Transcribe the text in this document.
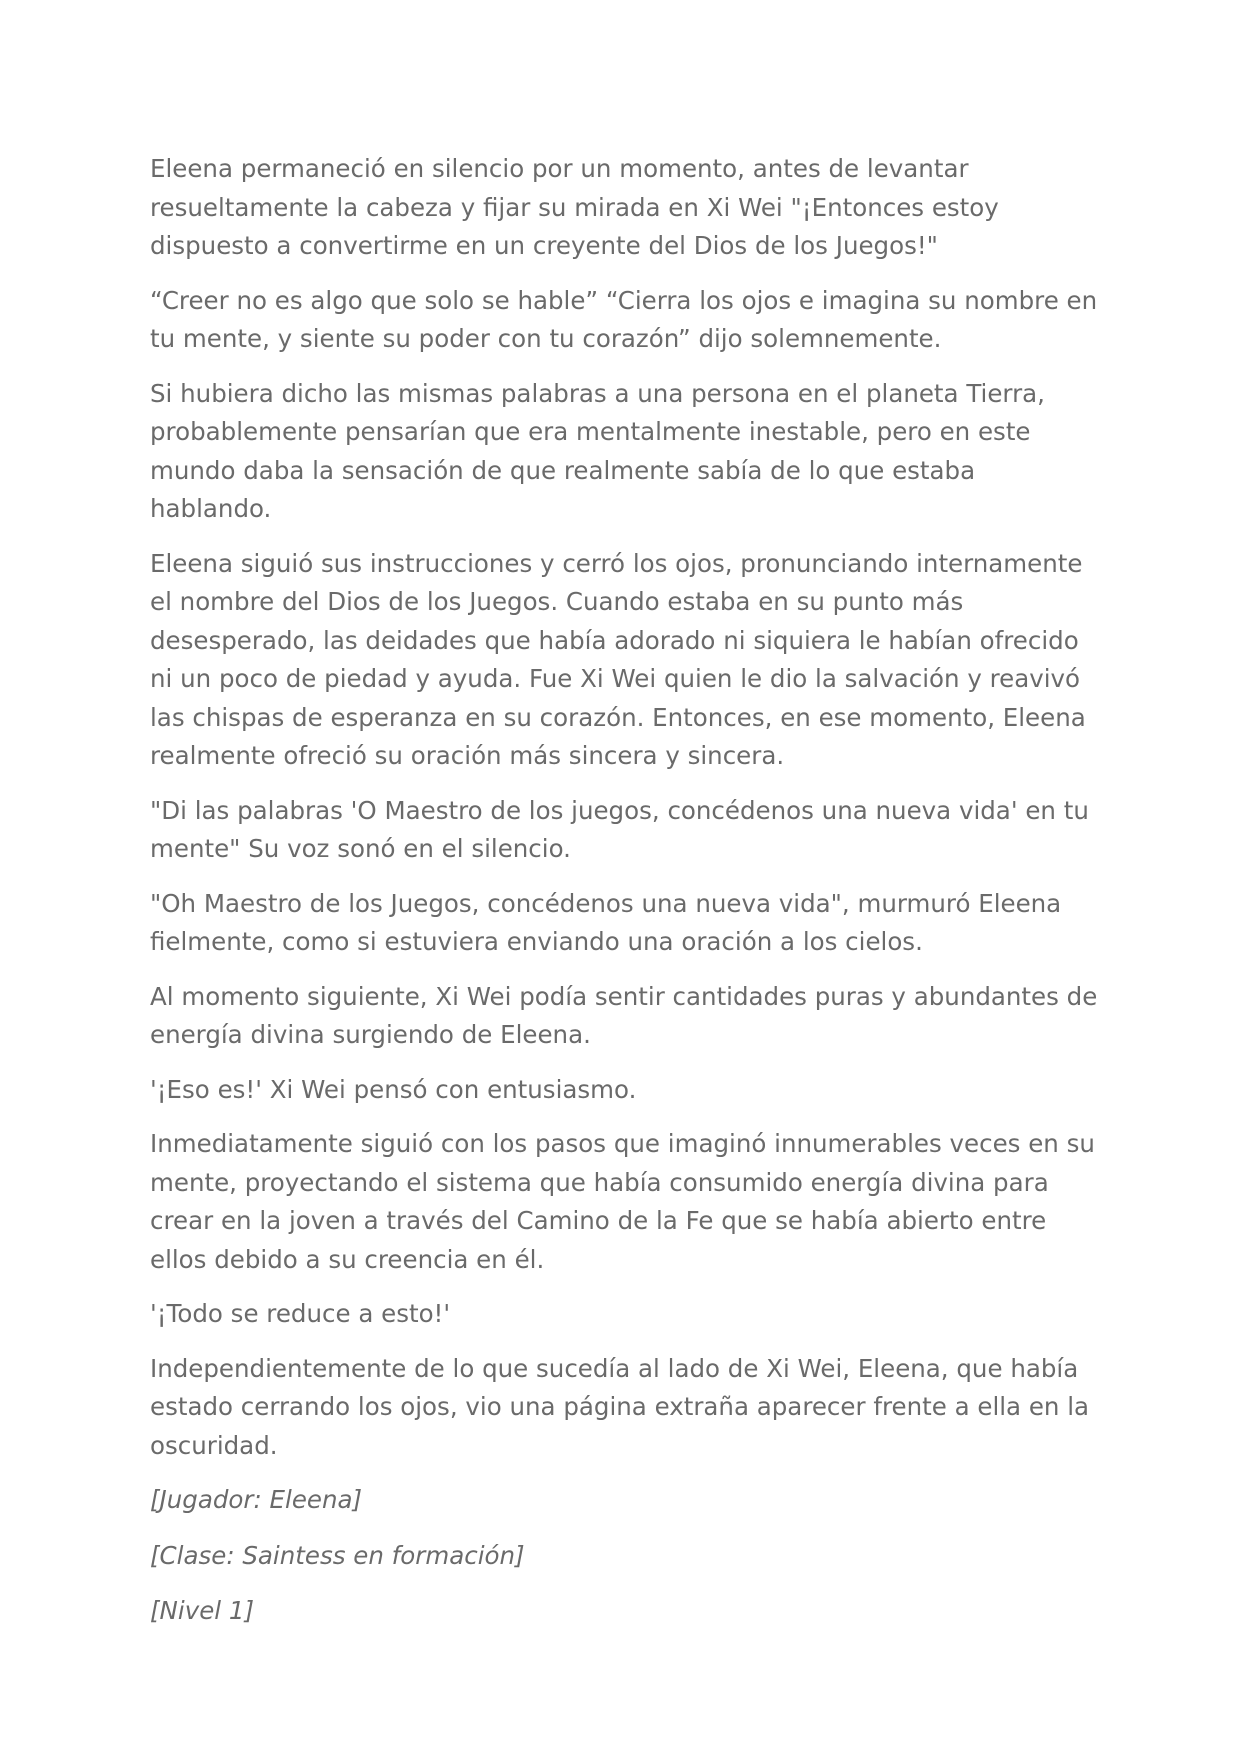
Eleena permaneció en silencio por un momento, antes de levantar resueltamente la cabeza y fijar su mirada en Xi Wei "¡Entonces estoy dispuesto a convertirme en un creyente del Dios de los Juegos!"

“Creer no es algo que solo se hable” “Cierra los ojos e imagina su nombre en tu mente, y siente su poder con tu corazón” dijo solemnemente.

Si hubiera dicho las mismas palabras a una persona en el planeta Tierra, probablemente pensarían que era mentalmente inestable, pero en este mundo daba la sensación de que realmente sabía de lo que estaba hablando.

Eleena siguió sus instrucciones y cerró los ojos, pronunciando internamente el nombre del Dios de los Juegos. Cuando estaba en su punto más desesperado, las deidades que había adorado ni siquiera le habían ofrecido ni un poco de piedad y ayuda. Fue Xi Wei quien le dio la salvación y reavivó las chispas de esperanza en su corazón. Entonces, en ese momento, Eleena realmente ofreció su oración más sincera y sincera.

"Di las palabras 'O Maestro de los juegos, concédenos una nueva vida' en tu mente" Su voz sonó en el silencio.

"Oh Maestro de los Juegos, concédenos una nueva vida", murmuró Eleena fielmente, como si estuviera enviando una oración a los cielos.

Al momento siguiente, Xi Wei podía sentir cantidades puras y abundantes de energía divina surgiendo de Eleena.

'¡Eso es!' Xi Wei pensó con entusiasmo.

Inmediatamente siguió con los pasos que imaginó innumerables veces en su mente, proyectando el sistema que había consumido energía divina para crear en la joven a través del Camino de la Fe que se había abierto entre ellos debido a su creencia en él.

'¡Todo se reduce a esto!'

Independientemente de lo que sucedía al lado de Xi Wei, Eleena, que había estado cerrando los ojos, vio una página extraña aparecer frente a ella en la oscuridad.

[Jugador: Eleena]

[Clase: Saintess en formación]

[Nivel 1]
